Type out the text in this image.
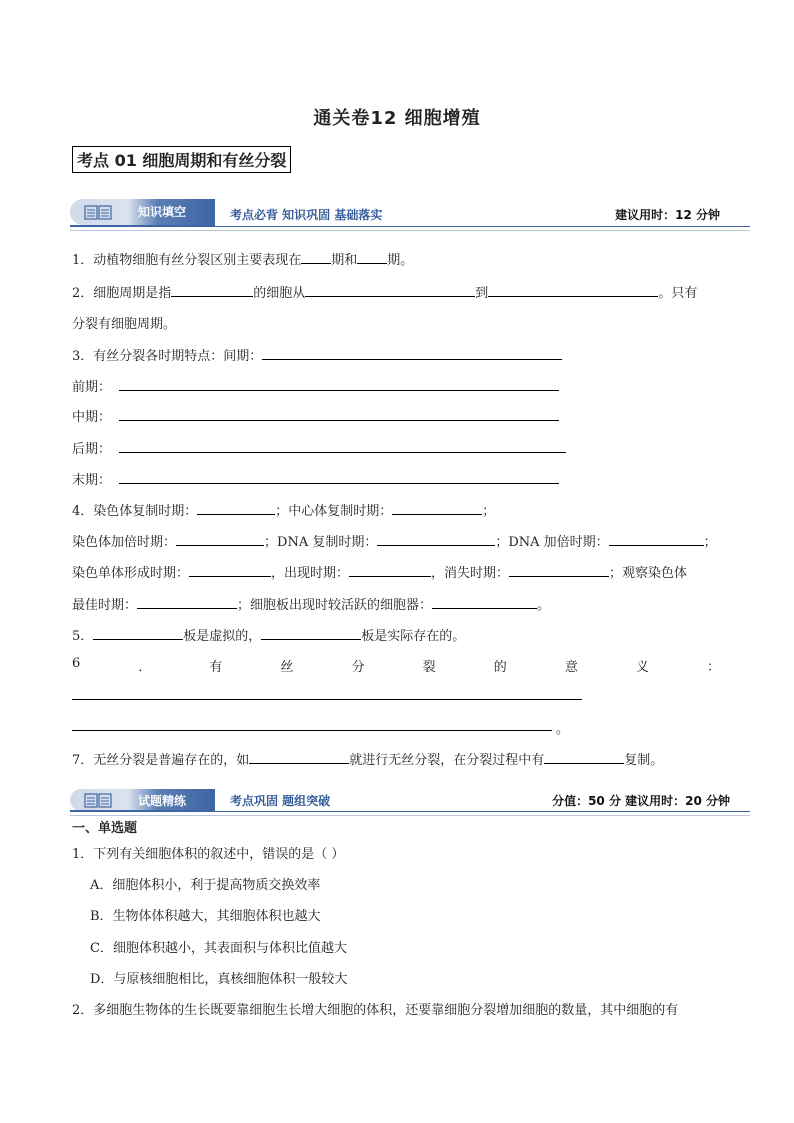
通关卷12 细胞增殖
考点 01 细胞周期和有丝分裂
知识填空	考点必背 知识巩固 基础落实	建议用时：12 分钟
1．动植物细胞有丝分裂区别主要表现在 期和 期。
2．细胞周期是指	的细胞从	到	。只有
分裂有细胞周期。
3．有丝分裂各时期特点：间期：
前期：
中期：
后期：
末期：
4．染色体复制时期：	；中心体复制时期：	；
染色体加倍时期：	；DNA 复制时期：	；DNA 加倍时期：	；
染色单体形成时期：	，出现时期：	，消失时期：	；观察染色体
最佳时期：	；细胞板出现时较活跃的细胞器：	。
5．	板是虚拟的，	板是实际存在的。
6	．	有	丝	分	裂	的	意	义	：
。
7．无丝分裂是普遍存在的，如	就进行无丝分裂，在分裂过程中有	复制。
试题精练	考点巩固 题组突破	分值：50 分 建议用时：20 分钟
一、单选题
1．下列有关细胞体积的叙述中，错误的是（ ）
A．细胞体积小，利于提高物质交换效率
B．生物体体积越大，其细胞体积也越大
C．细胞体积越小，其表面积与体积比值越大
D．与原核细胞相比，真核细胞体积一般较大
2．多细胞生物体的生长既要靠细胞生长增大细胞的体积，还要靠细胞分裂增加细胞的数量，其中细胞的有
